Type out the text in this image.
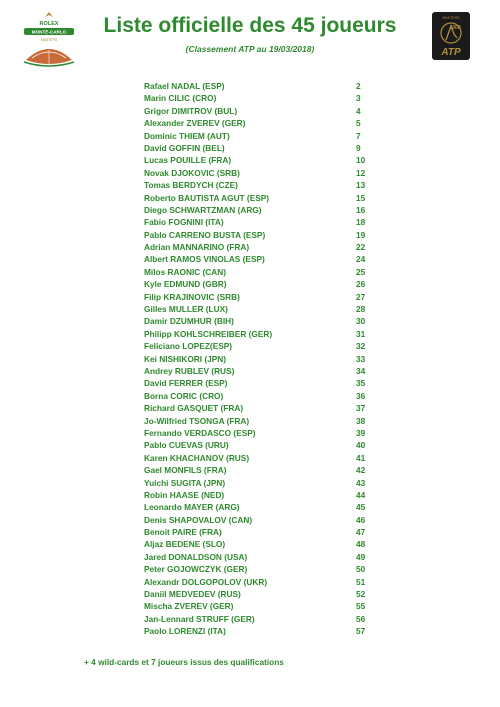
ROLEX
MONTE-CARLO
MASTERS
Liste officielle des 45 joueurs
(Classement ATP au 19/03/2018)
MASTERS
1000
ATP
Rafael NADAL (ESP)	2
Marin CILIC (CRO)	3
Grigor DIMITROV (BUL)	4
Alexander ZVEREV (GER)	5
Dominic THIEM (AUT)	7
David GOFFIN (BEL)	9
Lucas POUILLE (FRA)	10
Novak DJOKOVIC (SRB)	12
Tomas BERDYCH (CZE)	13
Roberto BAUTISTA AGUT (ESP)	15
Diego SCHWARTZMAN (ARG)	16
Fabio FOGNINI (ITA)	18
Pablo CARRENO BUSTA (ESP)	19
Adrian MANNARINO (FRA)	22
Albert RAMOS VINOLAS (ESP)	24
Milos RAONIC (CAN)	25
Kyle EDMUND (GBR)	26
Filip KRAJINOVIC (SRB)	27
Gilles MULLER (LUX)	28
Damir DZUMHUR (BIH)	30
Philipp KOHLSCHREIBER (GER)	31
Feliciano LOPEZ(ESP)	32
Kei NISHIKORI (JPN)	33
Andrey RUBLEV (RUS)	34
David FERRER (ESP)	35
Borna CORIC (CRO)	36
Richard GASQUET (FRA)	37
Jo-Wilfried TSONGA (FRA)	38
Fernando VERDASCO (ESP)	39
Pablo CUEVAS (URU)	40
Karen KHACHANOV (RUS)	41
Gael MONFILS (FRA)	42
Yuichi SUGITA (JPN)	43
Robin HAASE (NED)	44
Leonardo MAYER (ARG)	45
Denis SHAPOVALOV (CAN)	46
Benoit PAIRE (FRA)	47
Aljaz BEDENE (SLO)	48
Jared DONALDSON (USA)	49
Peter GOJOWCZYK (GER)	50
Alexandr DOLGOPOLOV (UKR)	51
Daniil MEDVEDEV (RUS)	52
Mischa ZVEREV (GER)	55
Jan-Lennard STRUFF (GER)	56
Paolo LORENZI (ITA)	57
+ 4 wild-cards et 7 joueurs issus des qualifications
